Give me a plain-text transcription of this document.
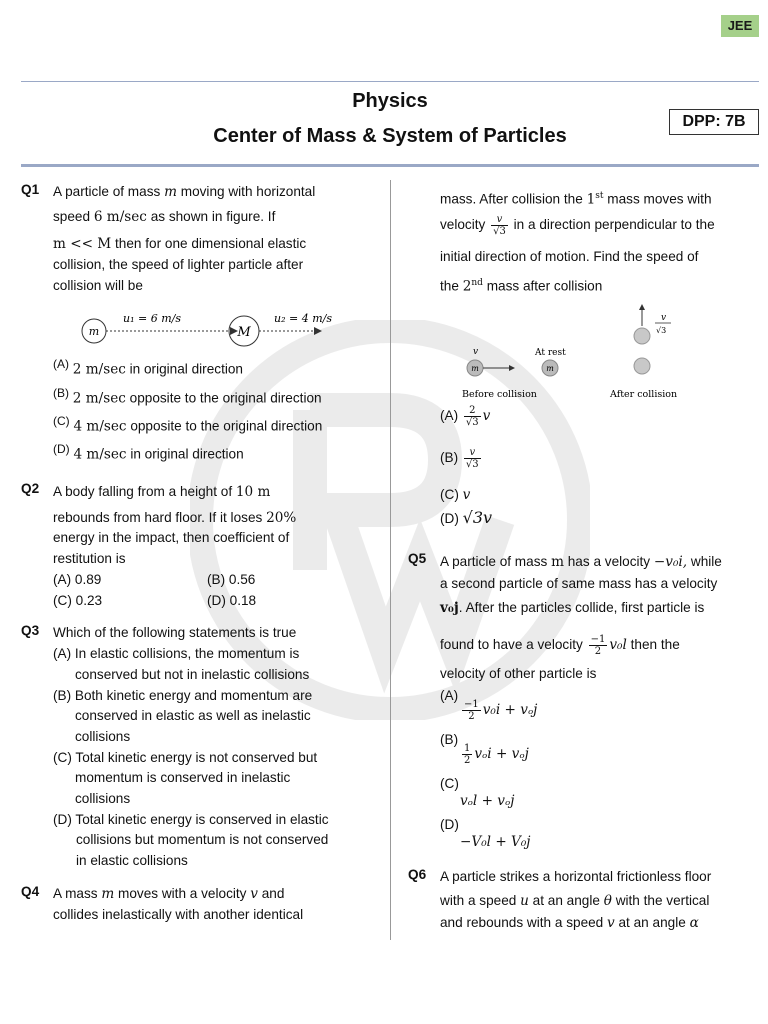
JEE
Physics
Center of Mass & System of Particles
DPP: 7B
Q1 A particle of mass m moving with horizontal
speed 6 m/sec as shown in figure. If
m << M then for one dimensional elastic
collision, the speed of lighter particle after
collision will be
m
u₁ = 6 m/s
M
u₂ = 4 m/s
$^{(A)}$ 2 m/sec in original direction
$^{(B)}$ 2 m/sec opposite to the original direction
$^{(C)}$ 4 m/sec opposite to the original direction
$^{(D)}$ 4 m/sec in original direction
Q2 A body falling from a height of 10 m
rebounds from hard floor. If it loses 20%
energy in the impact, then coefficient of
restitution is
(A) 0.89	(B) 0.56
(C) 0.23	(D) 0.18
Q3 Which of the following statements is true
(A) In elastic collisions, the momentum is
conserved but not in inelastic collisions
(B) Both kinetic energy and momentum are
conserved in elastic as well as inelastic
collisions
(C) Total kinetic energy is not conserved but
momentum is conserved in inelastic
collisions
(D) Total kinetic energy is conserved in elastic
collisions but momentum is not conserved
in elastic collisions
Q4 A mass m moves with a velocity v and
collides inelastically with another identical
mass. After collision the 1st mass moves with
velocity $\frac{v}{√3}$ in a direction perpendicular to the
initial direction of motion. Find the speed of
the 2nd mass after collision
v
m
At rest
m
Before collision
v
√3
After collision
$(A) \frac{2}{√3}$ v
$(B) \frac{v}{√3}$
(C) v
(D) √3v
Q5 A particle of mass m has a velocity −v₀i, while
a second particle of same mass has a velocity
v₀j. After the particles collide, first particle is
found to have a velocity $\frac{-1}{2} v_0l$ then the
velocity of other particle is
(A)
$\frac{-1}{2} v_0i + v_oj$
(B)
$\frac{1}{2}$ vₒi + vₒj
(C)
vₒl + vₒj
(D)
−V₀l + V₀j
Q6 A particle strikes a horizontal frictionless floor
with a speed u at an angle θ with the vertical
and rebounds with a speed v at an angle α
